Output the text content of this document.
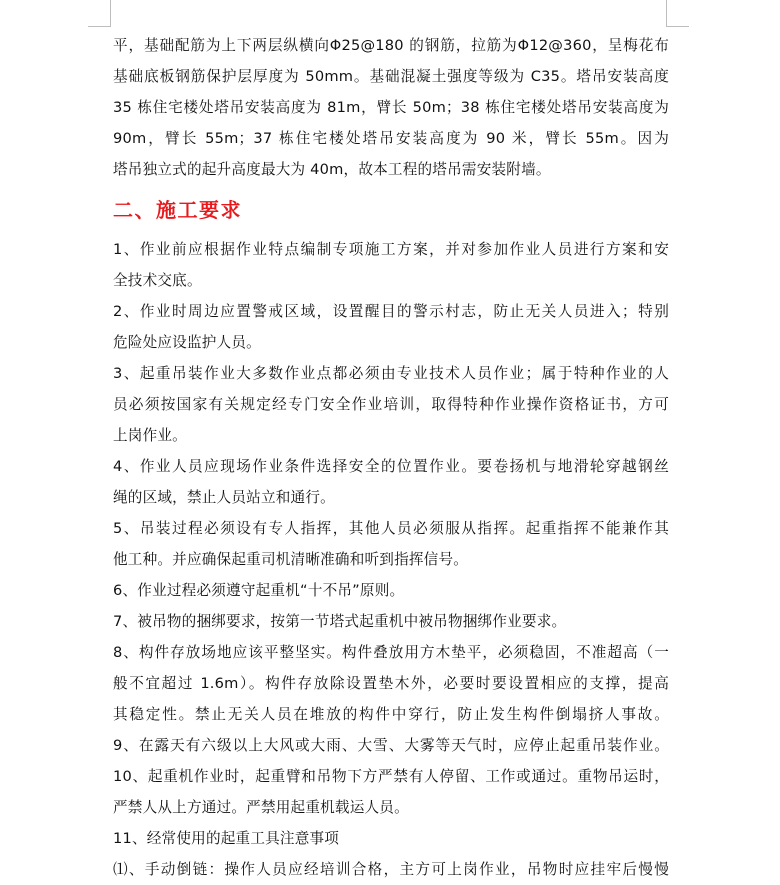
平，基础配筋为上下两层纵横向Φ25@180 的钢筋，拉筋为Φ12@360，呈梅花布
基础底板钢筋保护层厚度为 50mm。基础混凝土强度等级为 C35。塔吊安装高度
35 栋住宅楼处塔吊安装高度为 81m，臂长 50m；38 栋住宅楼处塔吊安装高度为
90m，臂长 55m；37 栋住宅楼处塔吊安装高度为 90 米，臂长 55m。因为
塔吊独立式的起升高度最大为 40m，故本工程的塔吊需安装附墙。
二、施工要求
1、作业前应根据作业特点编制专项施工方案，并对参加作业人员进行方案和安
全技术交底。
2、作业时周边应置警戒区域，设置醒目的警示村志，防止无关人员进入；特别
危险处应设监护人员。
3、起重吊装作业大多数作业点都必须由专业技术人员作业；属于特种作业的人
员必须按国家有关规定经专门安全作业培训，取得特种作业操作资格证书，方可
上岗作业。
4、作业人员应现场作业条件选择安全的位置作业。要卷扬机与地滑轮穿越钢丝
绳的区域，禁止人员站立和通行。
5、吊装过程必须设有专人指挥，其他人员必须服从指挥。起重指挥不能兼作其
他工种。并应确保起重司机清晰准确和听到指挥信号。
6、作业过程必须遵守起重机“十不吊”原则。
7、被吊物的捆绑要求，按第一节塔式起重机中被吊物捆绑作业要求。
8、构件存放场地应该平整坚实。构件叠放用方木垫平，必须稳固，不准超高（一
般不宜超过 1.6m）。构件存放除设置垫木外，必要时要设置相应的支撑，提高
其稳定性。禁止无关人员在堆放的构件中穿行，防止发生构件倒塌挤人事故。
9、在露天有六级以上大风或大雨、大雪、大雾等天气时，应停止起重吊装作业。
10、起重机作业时，起重臂和吊物下方严禁有人停留、工作或通过。重物吊运时，
严禁人从上方通过。严禁用起重机载运人员。
11、经常使用的起重工具注意事项
⑴、手动倒链：操作人员应经培训合格，主方可上岗作业，吊物时应挂牢后慢慢
